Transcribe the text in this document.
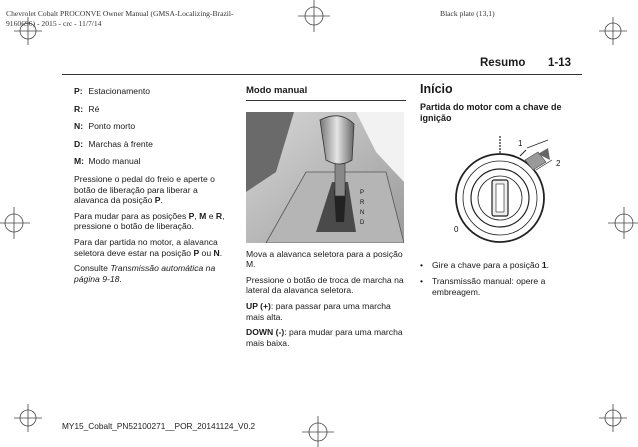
Chevrolet Cobalt PROCONVE Owner Manual (GMSA-Localizing-Brazil-
9160696) - 2015 - crc - 11/7/14
Black plate (13,1)
Resumo 1-13

P: Estacionamento

R: Ré

N: Ponto morto

D: Marchas à frente

M: Modo manual

Pressione o pedal do freio e aperte o botão de liberação para liberar a alavanca da posição P.

Para mudar para as posições P, M e R, pressione o botão de liberação.

Para dar partida no motor, a alavanca seletora deve estar na posição P ou N.

Consulte Transmissão automática na página 9-18.

Modo manual
P
R
N
D

Mova a alavanca seletora para a posição M.

Pressione o botão de troca de marcha na lateral da alavanca seletora.

UP (+): para passar para uma marcha mais alta.

DOWN (-): para mudar para uma marcha mais baixa.

Início
Partida do motor com a chave de ignição
0
1
2
• Gire a chave para a posição 1.
• Transmissão manual: opere a embreagem.
MY15_Cobalt_PN52100271__POR_20141124_V0.2
